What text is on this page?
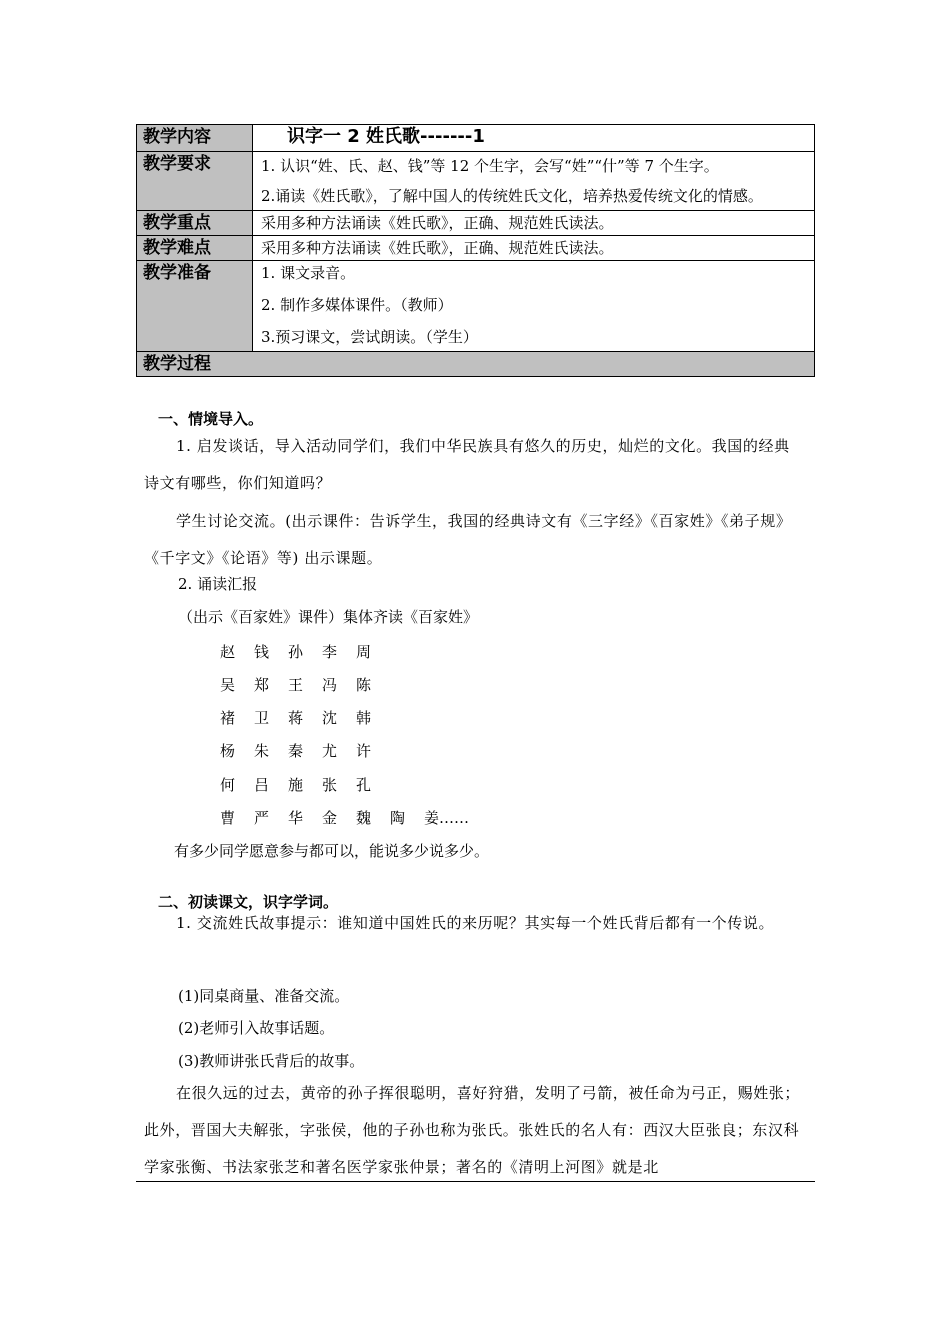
教学内容	识字一 2 姓氏歌-------1

教学要求	1. 认识“姓、氏、赵、钱”等 12 个生字，会写“姓”“什”等 7 个生字。
2.诵读《姓氏歌》，了解中国人的传统姓氏文化，培养热爱传统文化的情感。

教学重点	采用多种方法诵读《姓氏歌》，正确、规范姓氏读法。

教学难点	采用多种方法诵读《姓氏歌》，正确、规范姓氏读法。

教学准备	1. 课文录音。
2. 制作多媒体课件。（教师）
3.预习课文，尝试朗读。（学生）

教学过程	
一、情境导入。
1. 启发谈话，导入活动同学们，我们中华民族具有悠久的历史，灿烂的文化。我国的经典诗文有哪些，你们知道吗？
学生讨论交流。(出示课件：告诉学生，我国的经典诗文有《三字经》《百家姓》《弟子规》《千字文》《论语》等) 出示课题。
2. 诵读汇报
（出示《百家姓》课件）集体齐读《百家姓》
赵 钱 孙 李 周
吴 郑 王 冯 陈
褚 卫 蒋 沈 韩
杨 朱 秦 尤 许
何 吕 施 张 孔
曹 严 华 金 魏 陶 姜……
有多少同学愿意参与都可以，能说多少说多少。
二、初读课文，识字学词。
1. 交流姓氏故事提示：谁知道中国姓氏的来历呢？其实每一个姓氏背后都有一个传说。
(1)同桌商量、准备交流。
(2)老师引入故事话题。
(3)教师讲张氏背后的故事。
在很久远的过去，黄帝的孙子挥很聪明，喜好狩猎，发明了弓箭，被任命为弓正，赐姓张；此外，晋国大夫解张，字张侯，他的子孙也称为张氏。张姓氏的名人有：西汉大臣张良；东汉科学家张衡、书法家张芝和著名医学家张仲景；著名的《清明上河图》就是北
